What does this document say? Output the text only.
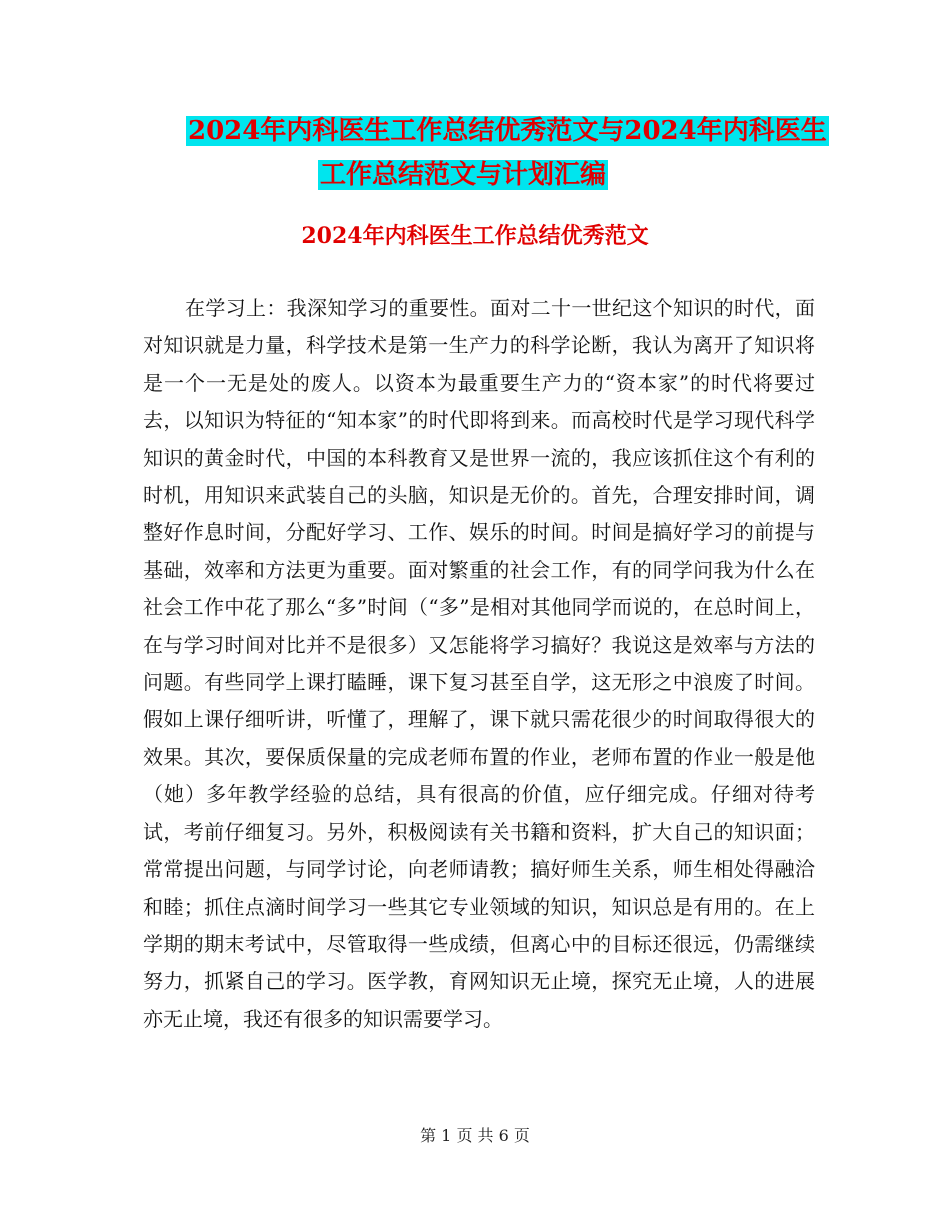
2024年内科医生工作总结优秀范文与2024年内科医生
工作总结范文与计划汇编
2024年内科医生工作总结优秀范文

在学习上：我深知学习的重要性。面对二十一世纪这个知识的时代，面对知识就是力量，科学技术是第一生产力的科学论断，我认为离开了知识将是一个一无是处的废人。以资本为最重要生产力的“资本家”的时代将要过去，以知识为特征的“知本家”的时代即将到来。而高校时代是学习现代科学知识的黄金时代，中国的本科教育又是世界一流的，我应该抓住这个有利的时机，用知识来武装自己的头脑，知识是无价的。首先，合理安排时间，调整好作息时间，分配好学习、工作、娱乐的时间。时间是搞好学习的前提与基础，效率和方法更为重要。面对繁重的社会工作，有的同学问我为什么在社会工作中花了那么“多”时间（“多”是相对其他同学而说的，在总时间上，在与学习时间对比并不是很多）又怎能将学习搞好？我说这是效率与方法的问题。有些同学上课打瞌睡，课下复习甚至自学，这无形之中浪废了时间。假如上课仔细听讲，听懂了，理解了，课下就只需花很少的时间取得很大的效果。其次，要保质保量的完成老师布置的作业，老师布置的作业一般是他（她）多年教学经验的总结，具有很高的价值，应仔细完成。仔细对待考试，考前仔细复习。另外，积极阅读有关书籍和资料，扩大自己的知识面；常常提出问题，与同学讨论，向老师请教；搞好师生关系，师生相处得融洽和睦；抓住点滴时间学习一些其它专业领域的知识，知识总是有用的。在上学期的期末考试中，尽管取得一些成绩，但离心中的目标还很远，仍需继续努力，抓紧自己的学习。医学教，育网知识无止境，探究无止境，人的进展亦无止境，我还有很多的知识需要学习。

第 1 页 共 6 页
